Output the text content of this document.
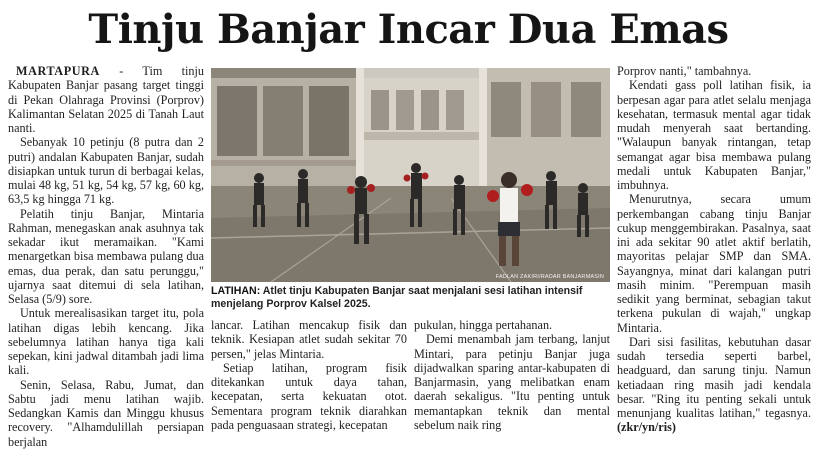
Tinju Banjar Incar Dua Emas

MARTAPURA - Tim tinju Kabupaten Banjar pasang target tinggi di Pekan Olahraga Provinsi (Porprov) Kalimantan Selatan 2025 di Tanah Laut nanti.

Sebanyak 10 petinju (8 putra dan 2 putri) andalan Kabupaten Banjar, sudah disiapkan untuk turun di berbagai kelas, mulai 48 kg, 51 kg, 54 kg, 57 kg, 60 kg, 63,5 kg hingga 71 kg.

Pelatih tinju Banjar, Mintaria Rahman, menegaskan anak asuhnya tak sekadar ikut meramaikan. "Kami menargetkan bisa membawa pulang dua emas, dua perak, dan satu perunggu," ujarnya saat ditemui di sela latihan, Selasa (5/9) sore.

Untuk merealisasikan target itu, pola latihan digas lebih kencang. Jika sebelumnya latihan hanya tiga kali sepekan, kini jadwal ditambah jadi lima kali.

Senin, Selasa, Rabu, Jumat, dan Sabtu jadi menu latihan wajib. Sedangkan Kamis dan Minggu khusus recovery. "Alhamdulillah persiapan berjalan

FADLAN ZAKIRI/RADAR BANJARMASIN
LATIHAN: Atlet tinju Kabupaten Banjar saat menjalani sesi latihan intensif menjelang Porprov Kalsel 2025.

lancar. Latihan mencakup fisik dan teknik. Kesiapan atlet sudah sekitar 70 persen," jelas Mintaria.

Setiap latihan, program fisik ditekankan untuk daya tahan, kecepatan, serta kekuatan otot. Sementara program teknik diarahkan pada penguasaan strategi, kecepatan

pukulan, hingga pertahanan.

Demi menambah jam terbang, lanjut Mintari, para petinju Banjar juga dijadwalkan sparing antar-kabupaten di Banjarmasin, yang melibatkan enam daerah sekaligus. "Itu penting untuk memantapkan teknik dan mental sebelum naik ring

Porprov nanti," tambahnya.

Kendati gass poll latihan fisik, ia berpesan agar para atlet selalu menjaga kesehatan, termasuk mental agar tidak mudah menyerah saat bertanding. "Walaupun banyak rintangan, tetap semangat agar bisa membawa pulang medali untuk Kabupaten Banjar," imbuhnya.

Menurutnya, secara umum perkembangan cabang tinju Banjar cukup menggembirakan. Pasalnya, saat ini ada sekitar 90 atlet aktif berlatih, mayoritas pelajar SMP dan SMA. Sayangnya, minat dari kalangan putri masih minim. "Perempuan masih sedikit yang berminat, sebagian takut terkena pukulan di wajah," ungkap Mintaria.

Dari sisi fasilitas, kebutuhan dasar sudah tersedia seperti barbel, headguard, dan sarung tinju. Namun ketiadaan ring masih jadi kendala besar. "Ring itu penting sekali untuk menunjang kualitas latihan," tegasnya. (zkr/yn/ris)
